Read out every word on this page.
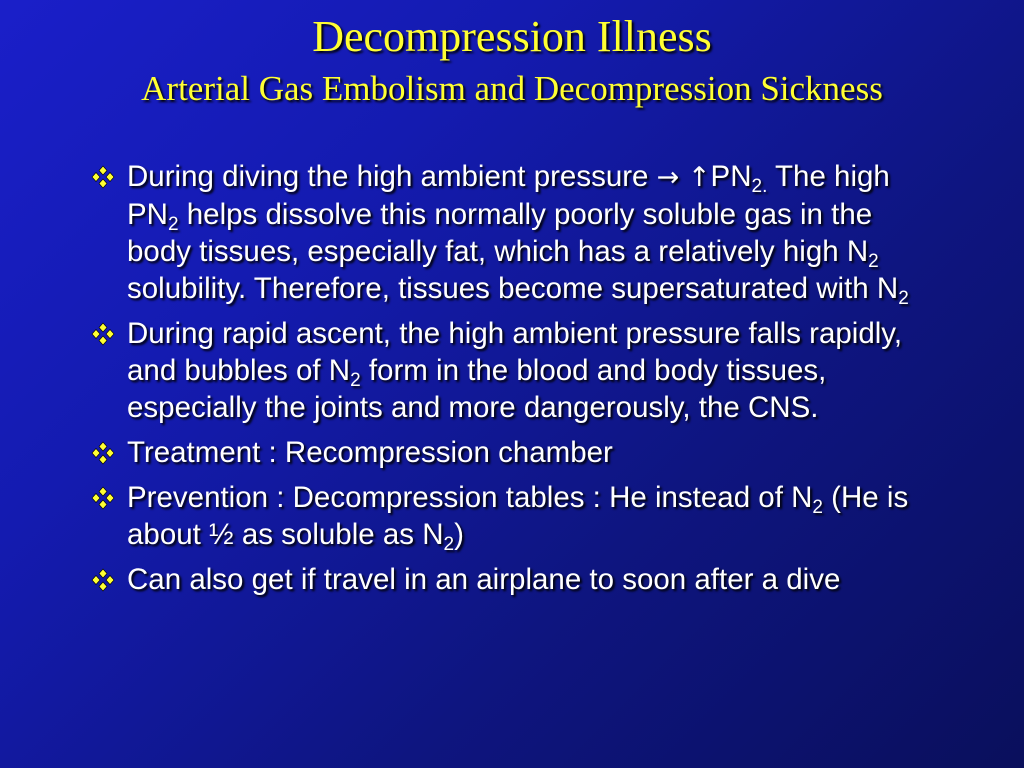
Decompression Illness
Arterial Gas Embolism and Decompression Sickness
During diving the high ambient pressure → $↑PN_{2.}$ The high $PN_2$ helps dissolve this normally poorly soluble gas in the body tissues, especially fat, which has a relatively high $N_2$ solubility. Therefore, tissues become supersaturated with $N_2$
During rapid ascent, the high ambient pressure falls rapidly, and bubbles of $N_2$ form in the blood and body tissues, especially the joints and more dangerously, the CNS.
Treatment : Recompression chamber
Prevention : Decompression tables : He instead of $N_2$ (He is about ½ as soluble as $N_2$)
Can also get if travel in an airplane to soon after a dive
